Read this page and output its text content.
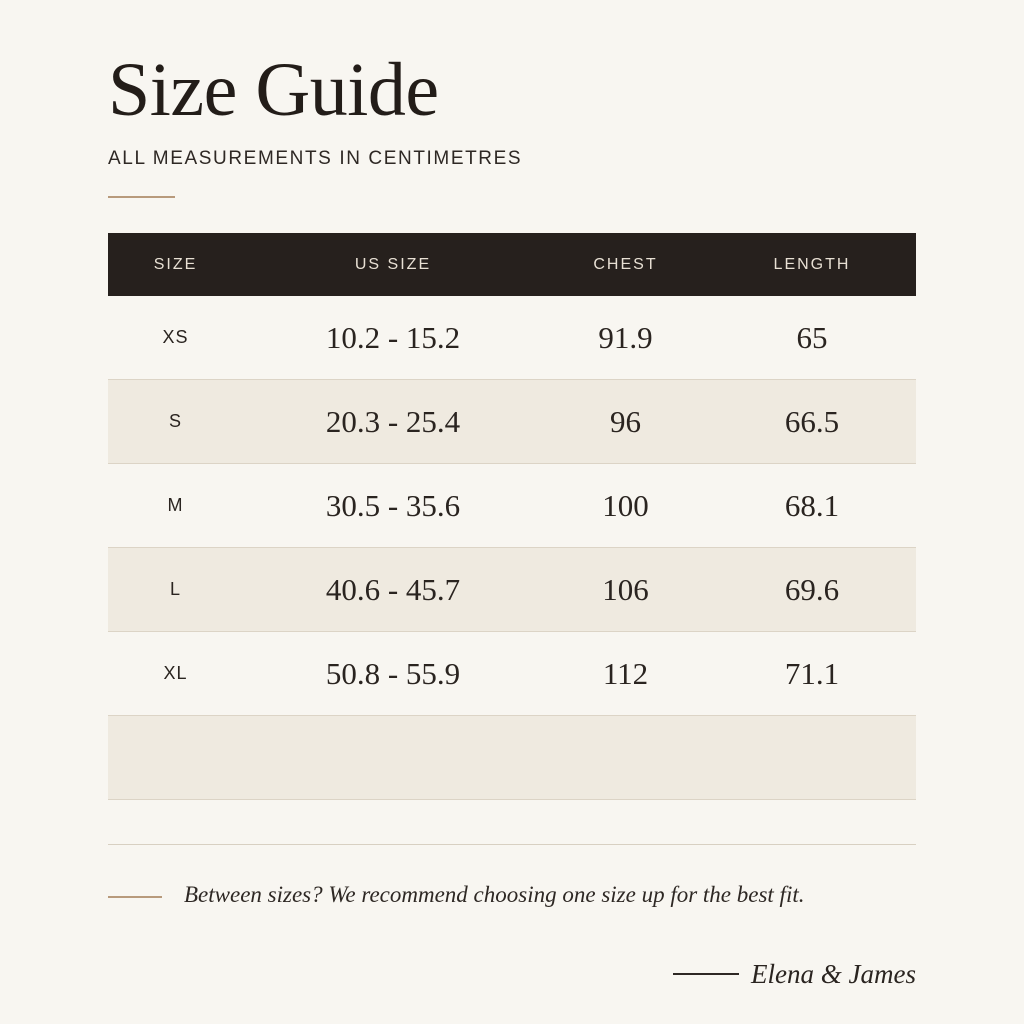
Size Guide
ALL MEASUREMENTS IN CENTIMETRES
SIZE	US SIZE	CHEST	LENGTH
XS	10.2 - 15.2	91.9	65
S	20.3 - 25.4	96	66.5
M	30.5 - 35.6	100	68.1
L	40.6 - 45.7	106	69.6
XL	50.8 - 55.9	112	71.1
Between sizes? We recommend choosing one size up for the best fit.
Elena & James
